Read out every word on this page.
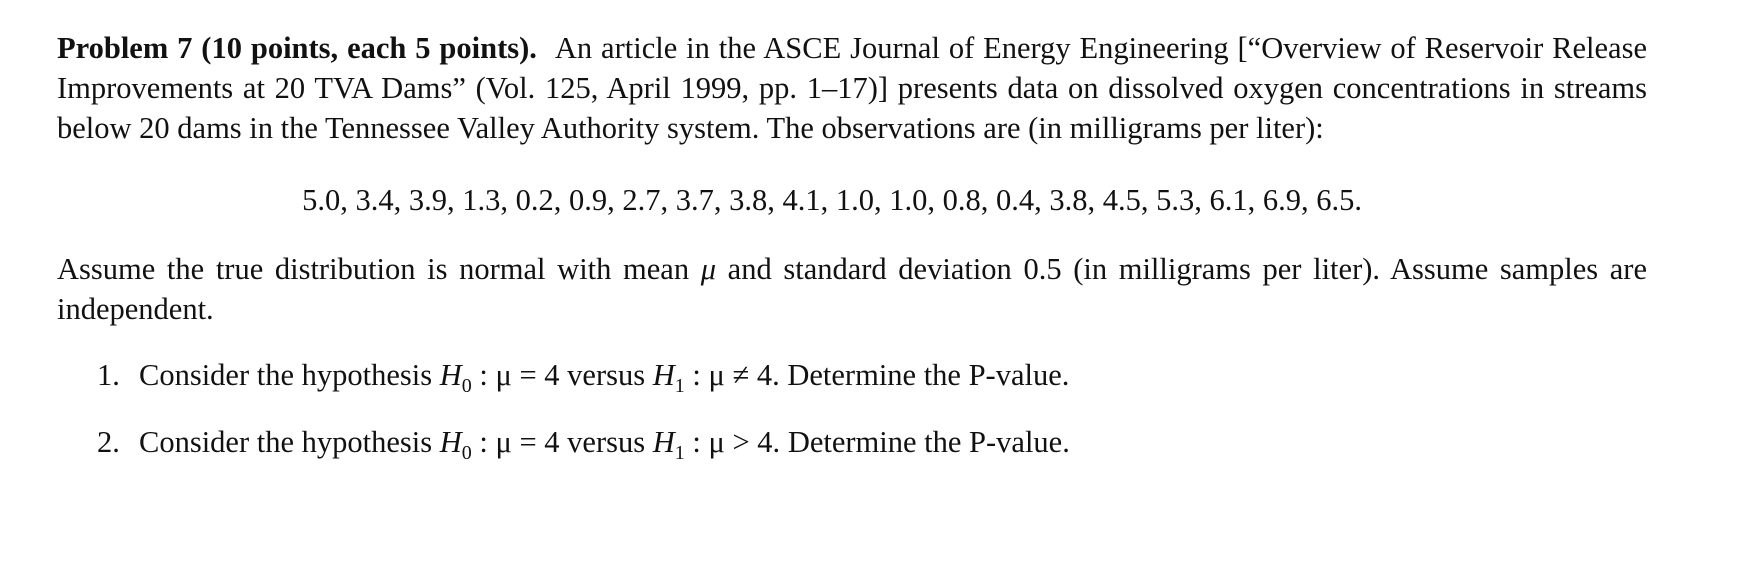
Problem 7 (10 points, each 5 points). An article in the ASCE Journal of Energy Engineering [“Overview of Reservoir Release Improvements at 20 TVA Dams” (Vol. 125, April 1999, pp. 1–17)] presents data on dissolved oxygen concentrations in streams below 20 dams in the Tennessee Valley Authority system. The observations are (in milligrams per liter):

5.0, 3.4, 3.9, 1.3, 0.2, 0.9, 2.7, 3.7, 3.8, 4.1, 1.0, 1.0, 0.8, 0.4, 3.8, 4.5, 5.3, 6.1, 6.9, 6.5.

Assume the true distribution is normal with mean μ and standard deviation 0.5 (in milligrams per liter). Assume samples are independent.

1. Consider the hypothesis $H_0$ : μ = 4 versus $H_1$ : μ ≠ 4. Determine the P-value.
2. Consider the hypothesis $H_0$ : μ = 4 versus $H_1$ : μ > 4. Determine the P-value.
